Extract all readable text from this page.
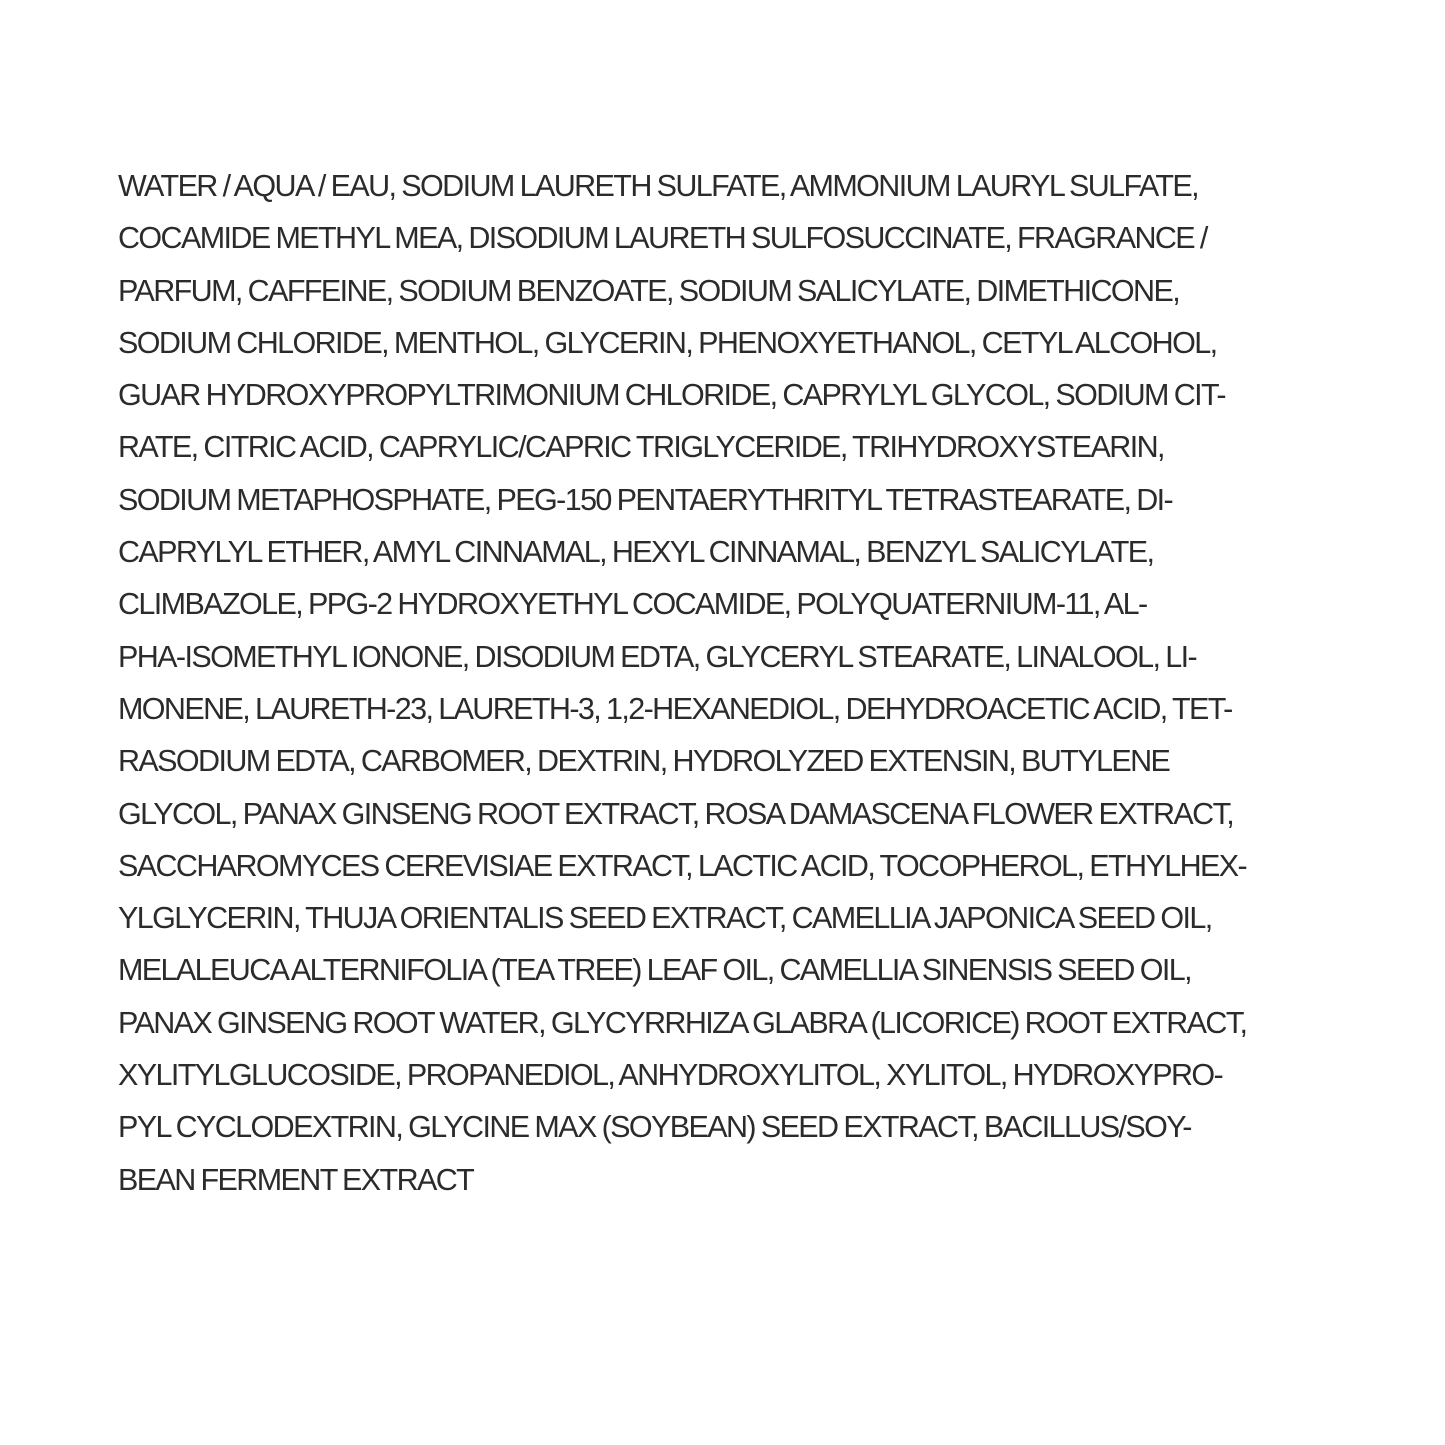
WATER / AQUA / EAU, SODIUM LAURETH SULFATE, AMMONIUM LAURYL SULFATE,
COCAMIDE METHYL MEA, DISODIUM LAURETH SULFOSUCCINATE, FRAGRANCE /
PARFUM, CAFFEINE, SODIUM BENZOATE, SODIUM SALICYLATE, DIMETHICONE,
SODIUM CHLORIDE, MENTHOL, GLYCERIN, PHENOXYETHANOL, CETYL ALCOHOL,
GUAR HYDROXYPROPYLTRIMONIUM CHLORIDE, CAPRYLYL GLYCOL, SODIUM CIT-
RATE, CITRIC ACID, CAPRYLIC/CAPRIC TRIGLYCERIDE, TRIHYDROXYSTEARIN,
SODIUM METAPHOSPHATE, PEG-150 PENTAERYTHRITYL TETRASTEARATE, DI-
CAPRYLYL ETHER, AMYL CINNAMAL, HEXYL CINNAMAL, BENZYL SALICYLATE,
CLIMBAZOLE, PPG-2 HYDROXYETHYL COCAMIDE, POLYQUATERNIUM-11, AL-
PHA-ISOMETHYL IONONE, DISODIUM EDTA, GLYCERYL STEARATE, LINALOOL, LI-
MONENE, LAURETH-23, LAURETH-3, 1,2-HEXANEDIOL, DEHYDROACETIC ACID, TET-
RASODIUM EDTA, CARBOMER, DEXTRIN, HYDROLYZED EXTENSIN, BUTYLENE
GLYCOL, PANAX GINSENG ROOT EXTRACT, ROSA DAMASCENA FLOWER EXTRACT,
SACCHAROMYCES CEREVISIAE EXTRACT, LACTIC ACID, TOCOPHEROL, ETHYLHEX-
YLGLYCERIN, THUJA ORIENTALIS SEED EXTRACT, CAMELLIA JAPONICA SEED OIL,
MELALEUCA ALTERNIFOLIA (TEA TREE) LEAF OIL, CAMELLIA SINENSIS SEED OIL,
PANAX GINSENG ROOT WATER, GLYCYRRHIZA GLABRA (LICORICE) ROOT EXTRACT,
XYLITYLGLUCOSIDE, PROPANEDIOL, ANHYDROXYLITOL, XYLITOL, HYDROXYPRO-
PYL CYCLODEXTRIN, GLYCINE MAX (SOYBEAN) SEED EXTRACT, BACILLUS/SOY-
BEAN FERMENT EXTRACT
